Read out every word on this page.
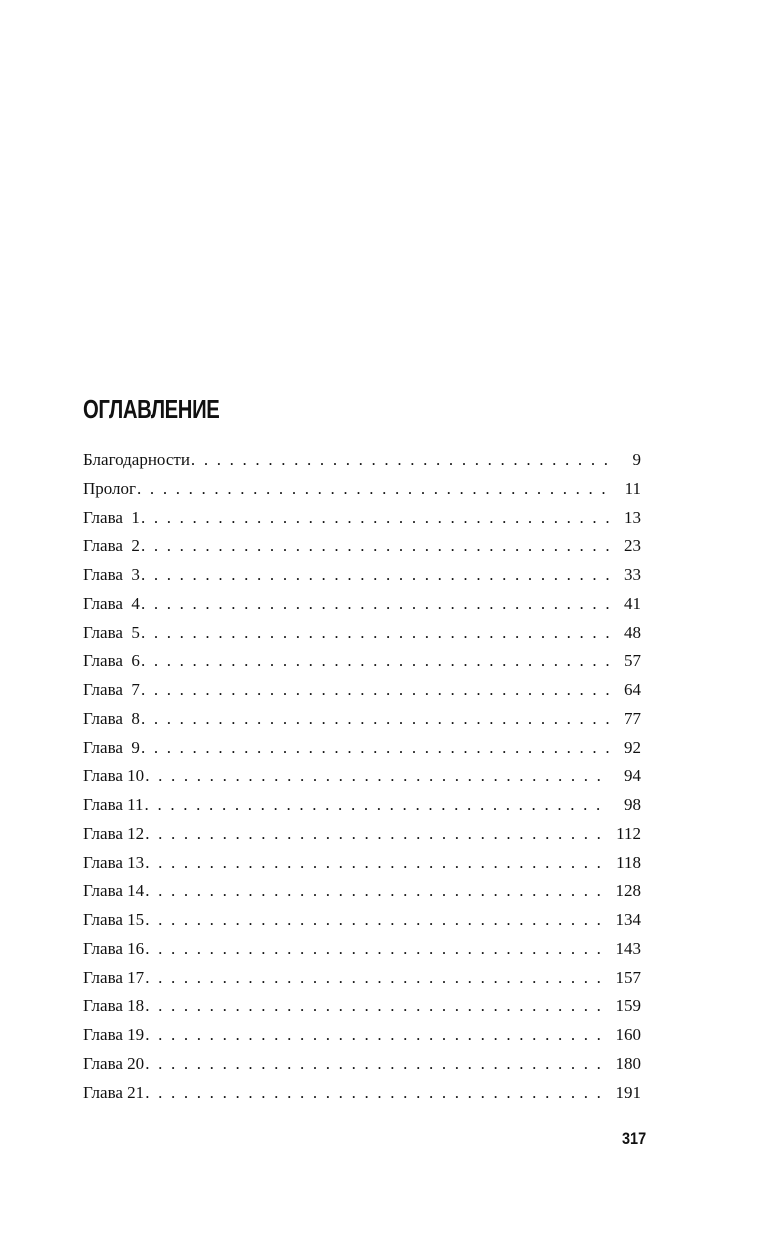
ОГЛАВЛЕНИЕ
Благодарности . . .	9
Пролог . . .	11
Глава  1 . . .	13
Глава  2 . . .	23
Глава  3 . . .	33
Глава  4 . . .	41
Глава  5 . . .	48
Глава  6 . . .	57
Глава  7 . . .	64
Глава  8 . . .	77
Глава  9 . . .	92
Глава 10 . . .	94
Глава 11 . . .	98
Глава 12 . . .	112
Глава 13 . . .	118
Глава 14 . . .	128
Глава 15 . . .	134
Глава 16 . . .	143
Глава 17 . . .	157
Глава 18 . . .	159
Глава 19 . . .	160
Глава 20 . . .	180
Глава 21 . . .	191
317
